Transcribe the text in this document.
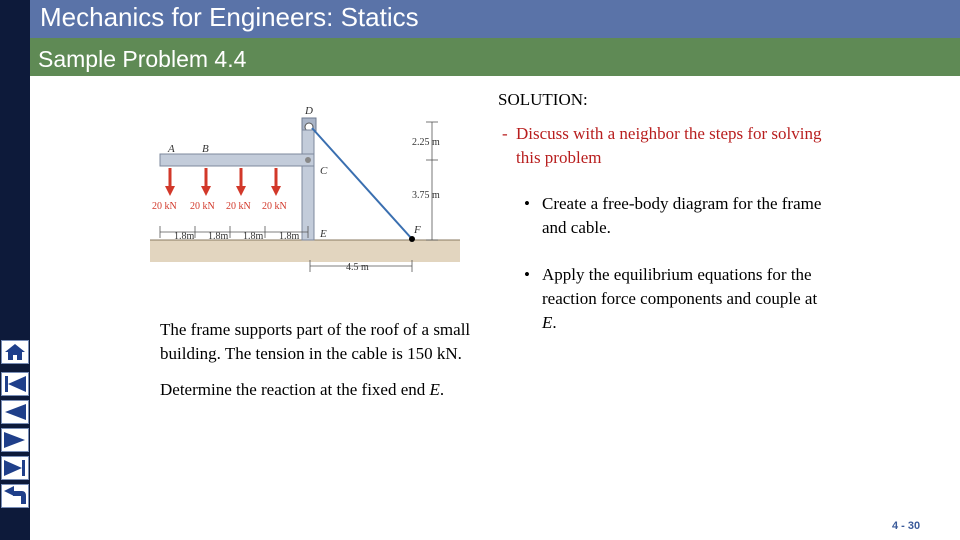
Mechanics for Engineers: Statics
Sample Problem 4.4
20 kN 20 kN 20 kN 20 kN
1.8m 1.8m 1.8m 1.8m
2.25 m
3.75 m
4.5 m
D
A B
C
E	F

The frame supports part of the roof of a small building. The tension in the cable is 150 kN.

Determine the reaction at the fixed end E.

SOLUTION:
- Discuss with a neighbor the steps for solving this problem
• Create a free-body diagram for the frame and cable.
• Apply the equilibrium equations for the reaction force components and couple at E.
4 - 30
